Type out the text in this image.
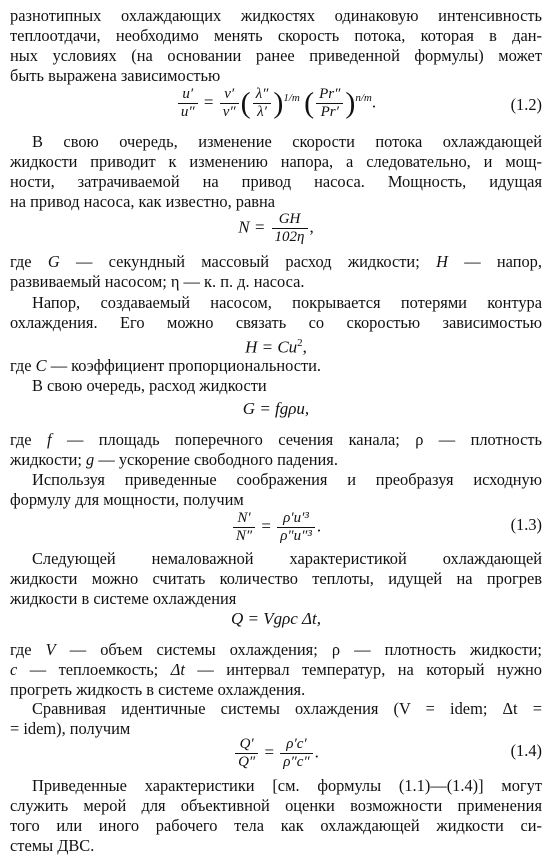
разнотипных охлаждающих жидкостях одинаковую интенсивность
теплоотдачи, необходимо менять скорость потока, которая в дан-
ных условиях (на основании ранее приведенной формулы) может
быть выражена зависимостью
$\frac{u'}{u''} = \frac{\nu'}{\nu''}$ ( $\frac{\lambda''}{\lambda'} )^{1/m}$ ( $\frac{Pr''}{Pr'} )^{n/m}$.	(1.2)
В свою очередь, изменение скорости потока охлаждающей
жидкости приводит к изменению напора, а следовательно, и мощ-
ности, затрачиваемой на привод насоса. Мощность, идущая
на привод насоса, как известно, равна
$N = \frac{GH}{102\eta}$ ,
где G — секундный массовый расход жидкости; H — напор,
развиваемый насосом; η — к. п. д. насоса.
Напор, создаваемый насосом, покрывается потерями контура
охлаждения. Его можно связать со скоростью зависимостью
$H = Cu^2$,
где C — коэффициент пропорциональности.
В свою очередь, расход жидкости
G = fgρu,
где f — площадь поперечного сечения канала; ρ — плотность
жидкости; g — ускорение свободного падения.
Используя приведенные соображения и преобразуя исходную
формулу для мощности, получим
$\frac{N'}{N''} = \frac{\text{ρ′u′³}}{\text{ρ″u″³}}$ .	(1.3)
Следующей немаловажной характеристикой охлаждающей
жидкости можно считать количество теплоты, идущей на прогрев
жидкости в системе охлаждения
Q = Vgρc Δt,
где V — объем системы охлаждения; ρ — плотность жидкости;
c — теплоемкость; Δt — интервал температур, на который нужно
прогреть жидкость в системе охлаждения.
Сравнивая идентичные системы охлаждения (V = idem; Δt =
= idem), получим
$\frac{Q'}{Q''} = \frac{\rho'c'}{\rho''c''}$ .	(1.4)
Приведенные характеристики [см. формулы (1.1)—(1.4)] могут
служить мерой для объективной оценки возможности применения
того или иного рабочего тела как охлаждающей жидкости си-
стемы ДВС.
